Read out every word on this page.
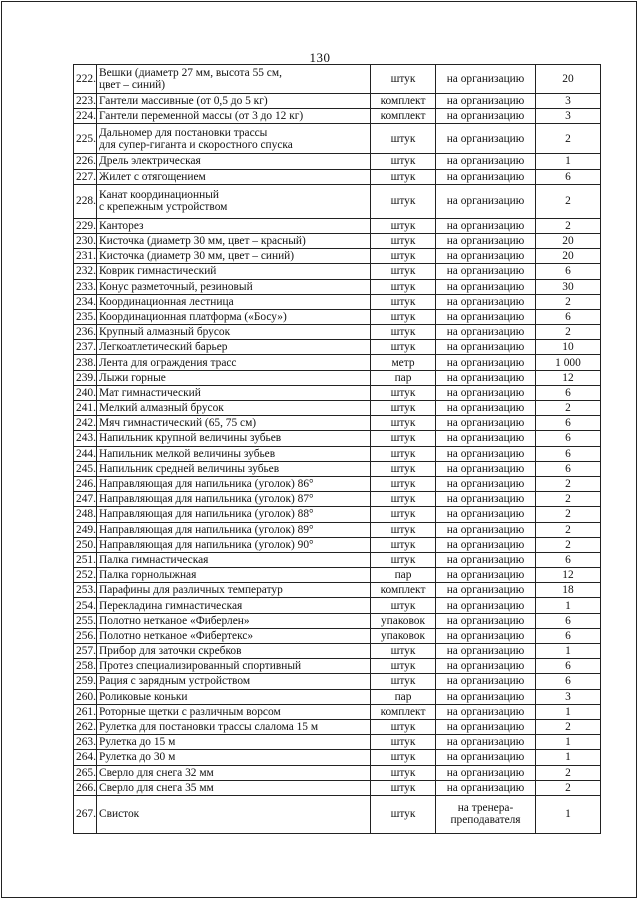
130
222.	Вешки (диаметр 27 мм, высота 55 см,
цвет – синий)	штук	на организацию	20
223.	Гантели массивные (от 0,5 до 5 кг)	комплект	на организацию	3
224.	Гантели переменной массы (от 3 до 12 кг)	комплект	на организацию	3
225.	Дальномер для постановки трассы
для супер-гиганта и скоростного спуска	штук	на организацию	2
226.	Дрель электрическая	штук	на организацию	1
227.	Жилет с отягощением	штук	на организацию	6
228.	Канат координационный
с крепежным устройством	штук	на организацию	2
229.	Канторез	штук	на организацию	2
230.	Кисточка (диаметр 30 мм, цвет – красный)	штук	на организацию	20
231.	Кисточка (диаметр 30 мм, цвет – синий)	штук	на организацию	20
232.	Коврик гимнастический	штук	на организацию	6
233.	Конус разметочный, резиновый	штук	на организацию	30
234.	Координационная лестница	штук	на организацию	2
235.	Координационная платформа («Босу»)	штук	на организацию	6
236.	Крупный алмазный брусок	штук	на организацию	2
237.	Легкоатлетический барьер	штук	на организацию	10
238.	Лента для ограждения трасс	метр	на организацию	1 000
239.	Лыжи горные	пар	на организацию	12
240.	Мат гимнастический	штук	на организацию	6
241.	Мелкий алмазный брусок	штук	на организацию	2
242.	Мяч гимнастический (65, 75 см)	штук	на организацию	6
243.	Напильник крупной величины зубьев	штук	на организацию	6
244.	Напильник мелкой величины зубьев	штук	на организацию	6
245.	Напильник средней величины зубьев	штук	на организацию	6
246.	Направляющая для напильника (уголок) 86°	штук	на организацию	2
247.	Направляющая для напильника (уголок) 87°	штук	на организацию	2
248.	Направляющая для напильника (уголок) 88°	штук	на организацию	2
249.	Направляющая для напильника (уголок) 89°	штук	на организацию	2
250.	Направляющая для напильника (уголок) 90°	штук	на организацию	2
251.	Палка гимнастическая	штук	на организацию	6
252.	Палка горнолыжная	пар	на организацию	12
253.	Парафины для различных температур	комплект	на организацию	18
254.	Перекладина гимнастическая	штук	на организацию	1
255.	Полотно нетканое «Фиберлен»	упаковок	на организацию	6
256.	Полотно нетканое «Фибертекс»	упаковок	на организацию	6
257.	Прибор для заточки скребков	штук	на организацию	1
258.	Протез специализированный спортивный	штук	на организацию	6
259.	Рация с зарядным устройством	штук	на организацию	6
260.	Роликовые коньки	пар	на организацию	3
261.	Роторные щетки с различным ворсом	комплект	на организацию	1
262.	Рулетка для постановки трассы слалома 15 м	штук	на организацию	2
263.	Рулетка до 15 м	штук	на организацию	1
264.	Рулетка до 30 м	штук	на организацию	1
265.	Сверло для снега 32 мм	штук	на организацию	2
266.	Сверло для снега 35 мм	штук	на организацию	2
267.	Свисток	штук	на тренера-
преподавателя	1
